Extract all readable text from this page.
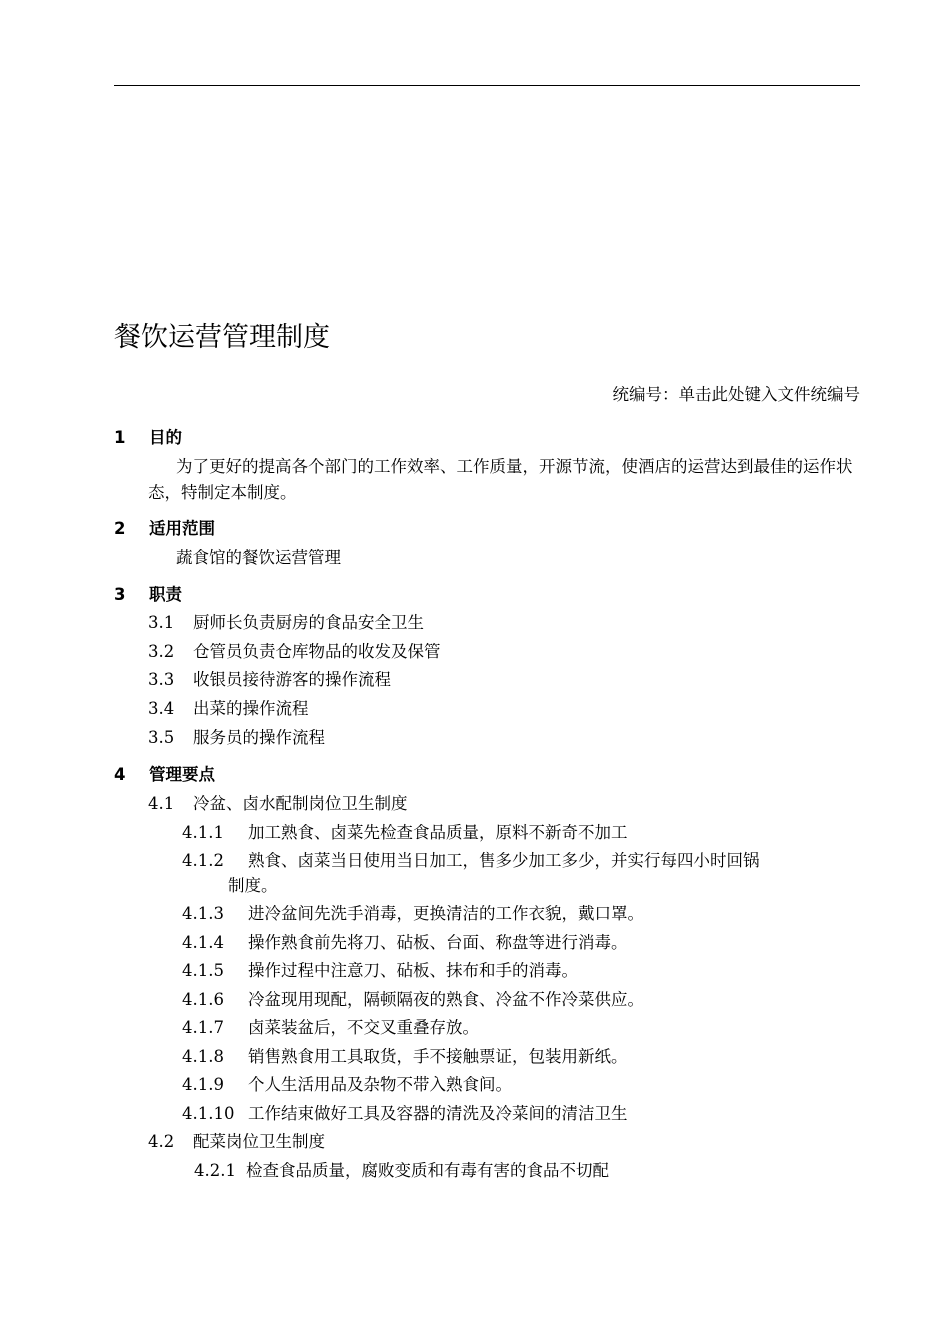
餐饮运营管理制度
统编号：单击此处键入文件统编号
1 目的
为了更好的提高各个部门的工作效率、工作质量，开源节流，使酒店的运营达到最佳的运作状态，特制定本制度。
2 适用范围
蔬食馆的餐饮运营管理
3 职责
3.1 厨师长负责厨房的食品安全卫生
3.2 仓管员负责仓库物品的收发及保管
3.3 收银员接待游客的操作流程
3.4 出菜的操作流程
3.5 服务员的操作流程
4 管理要点
4.1 冷盆、卤水配制岗位卫生制度
4.1.1 加工熟食、卤菜先检查食品质量，原料不新奇不加工
4.1.2 熟食、卤菜当日使用当日加工，售多少加工多少，并实行每四小时回锅
制度。
4.1.3 进冷盆间先洗手消毒，更换清洁的工作衣貌，戴口罩。
4.1.4 操作熟食前先将刀、砧板、台面、称盘等进行消毒。
4.1.5 操作过程中注意刀、砧板、抹布和手的消毒。
4.1.6 冷盆现用现配，隔顿隔夜的熟食、冷盆不作冷菜供应。
4.1.7 卤菜装盆后，不交叉重叠存放。
4.1.8 销售熟食用工具取货，手不接触票证，包装用新纸。
4.1.9 个人生活用品及杂物不带入熟食间。
4.1.10 工作结束做好工具及容器的清洗及冷菜间的清洁卫生
4.2 配菜岗位卫生制度
4.2.1 检查食品质量，腐败变质和有毒有害的食品不切配
